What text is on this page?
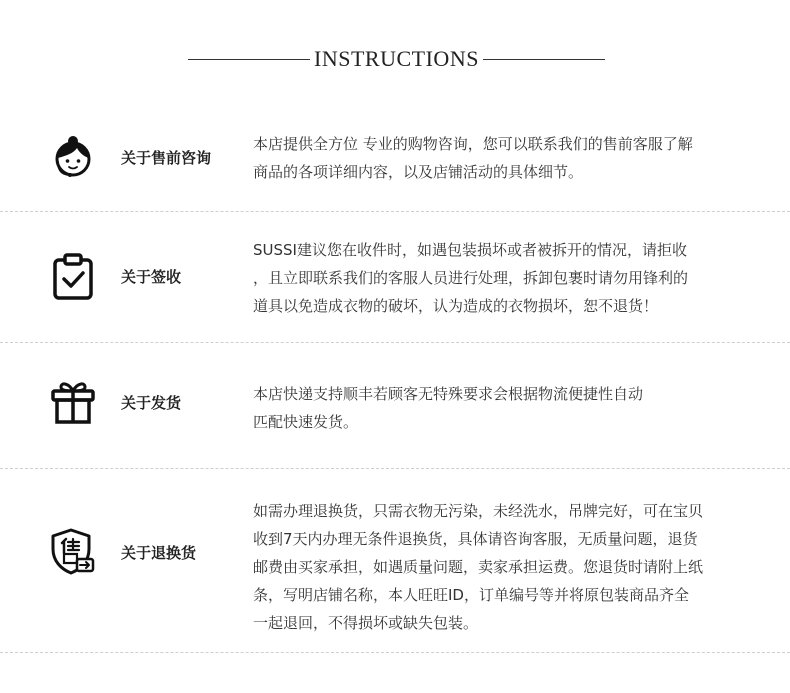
INSTRUCTIONS
关于售前咨询

本店提供全方位 专业的购物咨询，您可以联系我们的售前客服了解

商品的各项详细内容，以及店铺活动的具体细节。

关于签收

SUSSI建议您在收件时，如遇包装损坏或者被拆开的情况，请拒收

，且立即联系我们的客服人员进行处理，拆卸包裹时请勿用锋利的

道具以免造成衣物的破坏，认为造成的衣物损坏，恕不退货！

关于发货	本店快递支持顺丰若顾客无特殊要求会根据物流便捷性自动

匹配快速发货。

关于退换货

如需办理退换货，只需衣物无污染，未经洗水，吊牌完好，可在宝贝

收到7天内办理无条件退换货，具体请咨询客服，无质量问题，退货

邮费由买家承担，如遇质量问题，卖家承担运费。您退货时请附上纸

条，写明店铺名称，本人旺旺ID，订单编号等并将原包装商品齐全

一起退回，不得损坏或缺失包装。
